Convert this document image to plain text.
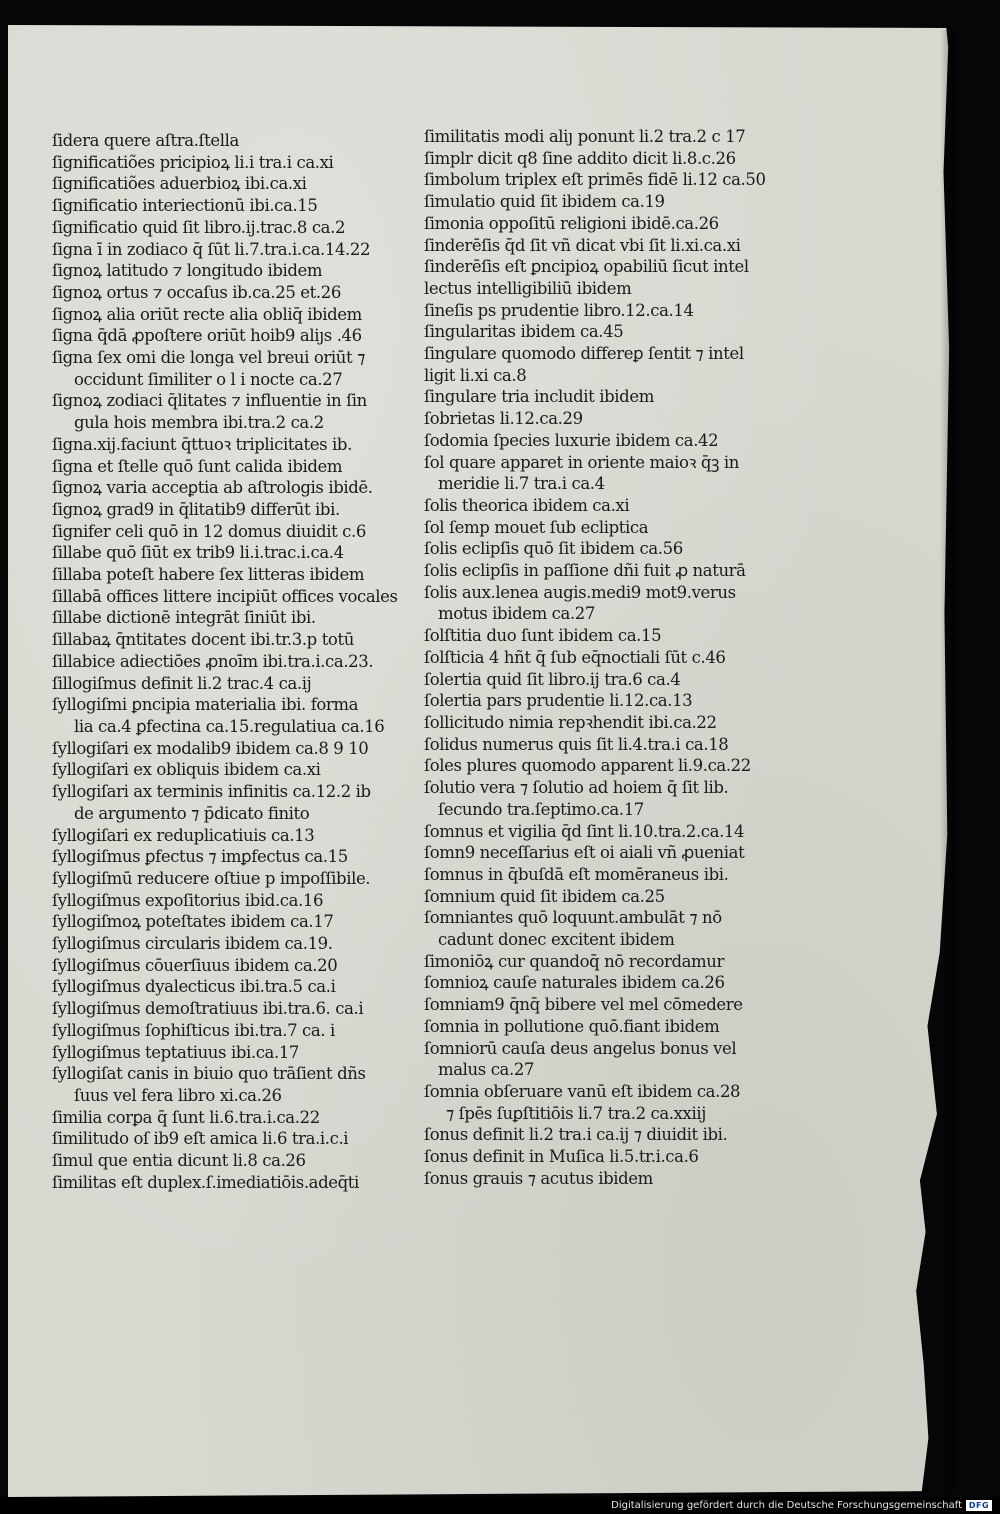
ſidera quere aſtra.ſtella
ſignificatiões pricipioꝝ li.i tra.i ca.xi
ſignificatiões aduerbioꝝ ibi.ca.xi
ſignificatio interiectionū ibi.ca.15
ſignificatio quid ſit libro.ij.trac.8 ca.2
ſigna ī in zodiaco q̄ ſūt li.7.tra.i.ca.14.22
ſignoꝝ latitudo ⁊ longitudo ibidem
ſignoꝝ ortus ⁊ occaſus ib.ca.25 et.26
ſignoꝝ alia oriūt recte alia obliq̄ ibidem
ſigna q̄dā ꝓpoſtere oriūt hoib9 aliȷs .46
ſigna ſex omi die longa vel breui oriūt ⁊
occidunt ſimiliter o l i nocte ca.27
ſignoꝝ zodiaci q̄litates ⁊ influentie in ſin
gula hois membra ibi.tra.2 ca.2
ſigna.xij.faciunt q̄ttuoꝛ triplicitates ib.
ſigna et ſtelle quō ſunt calida ibidem
ſignoꝝ varia acceꝑtia ab aſtrologis ibidē.
ſignoꝝ grad9 in q̄litatib9 differūt ibi.
ſignifer celi quō in 12 domus diuidit c.6
ſillabe quō ſiūt ex trib9 li.i.trac.i.ca.4
ſillaba poteſt habere ſex litteras ibidem
ſillabā offices littere incipiūt offices vocales
ſillabe dictionē integrāt ſiniūt ibi.
ſillabaꝝ q̄ntitates docent ibi.tr.3.p totū
ſillabice adiectiōes ꝓnoīm ibi.tra.i.ca.23.
ſillogiſmus definit li.2 trac.4 ca.ij
ſyllogiſmi ꝑncipia materialia ibi. forma
lia ca.4 ꝑfectina ca.15.regulatiua ca.16
ſyllogiſari ex modalib9 ibidem ca.8 9 10
ſyllogiſari ex obliquis ibidem ca.xi
ſyllogiſari ax terminis infinitis ca.12.2 ib
de argumento ⁊ p̄dicato finito
ſyllogiſari ex reduplicatiuis ca.13
ſyllogiſmus ꝑfectus ⁊ imꝑfectus ca.15
ſyllogiſmū reducere oſtiue p impoſſibile.
ſyllogiſmus expoſitorius ibid.ca.16
ſyllogiſmoꝝ poteſtates ibidem ca.17
ſyllogiſmus circularis ibidem ca.19.
ſyllogiſmus cōuerſiuus ibidem ca.20
ſyllogiſmus dyalecticus ibi.tra.5 ca.i
ſyllogiſmus demoſtratiuus ibi.tra.6. ca.i
ſyllogiſmus ſophiſticus ibi.tra.7 ca. i
ſyllogiſmus teptatiuus ibi.ca.17
ſyllogiſat canis in biuio quo trāſient dñs
ſuus vel fera libro xi.ca.26
ſimilia corꝑa q̄ ſunt li.6.tra.i.ca.22
ſimilitudo oſ ib9 eſt amica li.6 tra.i.c.i
ſimul que entia dicunt li.8 ca.26
ſimilitas eſt duplex.ſ.imediatiōis.adeq̄ti
ſimilitatis modi aliȷ ponunt li.2 tra.2 c 17
ſimplr dicit q8 ſine addito dicit li.8.c.26
ſimbolum triplex eſt primēs fidē li.12 ca.50
ſimulatio quid ſit ibidem ca.19
ſimonia oppoſitū religioni ibidē.ca.26
ſinderēſis q̄d ſit vñ dicat vbi ſit li.xi.ca.xi
ſinderēſis eſt ꝑncipioꝝ opabiliū ſicut intel
lectus intelligibiliū ibidem
ſineſis ps prudentie libro.12.ca.14
ſingularitas ibidem ca.45
ſingulare quomodo differeꝑ ſentit ⁊ intel
ligit li.xi ca.8
ſingulare tria includit ibidem
ſobrietas li.12.ca.29
ſodomia ſpecies luxurie ibidem ca.42
ſol quare apparet in oriente maioꝛ q̄ꝫ in
meridie li.7 tra.i ca.4
ſolis theorica ibidem ca.xi
ſol ſemp mouet ſub ecliptica
ſolis eclipſis quō ſit ibidem ca.56
ſolis eclipſis in paſſione dñi fuit ꝓ naturā
ſolis aux.lenea augis.medi9 mot9.verus
motus ibidem ca.27
ſolſtitia duo ſunt ibidem ca.15
ſolſticia 4 hñt q̄ ſub eq̄noctiali ſūt c.46
ſolertia quid ſit libro.ij tra.6 ca.4
ſolertia pars prudentie li.12.ca.13
ſollicitudo nimia repꝛhendit ibi.ca.22
ſolidus numerus quis ſit li.4.tra.i ca.18
ſoles plures quomodo apparent li.9.ca.22
ſolutio vera ⁊ ſolutio ad hoiem q̄ ſit lib.
ſecundo tra.ſeptimo.ca.17
ſomnus et vigilia q̄d ſint li.10.tra.2.ca.14
ſomn9 neceſſarius eſt oi aiali vñ ꝓueniat
ſomnus in q̄buſdā eſt momēraneus ibi.
ſomnium quid ſit ibidem ca.25
ſomniantes quō loquunt.ambulāt ⁊ nō
cadunt donec excitent ibidem
ſimoniōꝝ cur quandoq̄ nō recordamur
ſomnioꝝ cauſe naturales ibidem ca.26
ſomniam9 q̄nq̄ bibere vel mel cōmedere
ſomnia in pollutione quō.fiant ibidem
ſomniorū cauſa deus angelus bonus vel
malus ca.27
ſomnia obſeruare vanū eſt ibidem ca.28
⁊ ſpēs ſuꝑſtitiōis li.7 tra.2 ca.xxiij
ſonus definit li.2 tra.i ca.ij ⁊ diuidit ibi.
ſonus definit in Muſica li.5.tr.i.ca.6
ſonus grauis ⁊ acutus ibidem
Digitalisierung gefördert durch die Deutsche Forschungsgemeinschaft DFG
